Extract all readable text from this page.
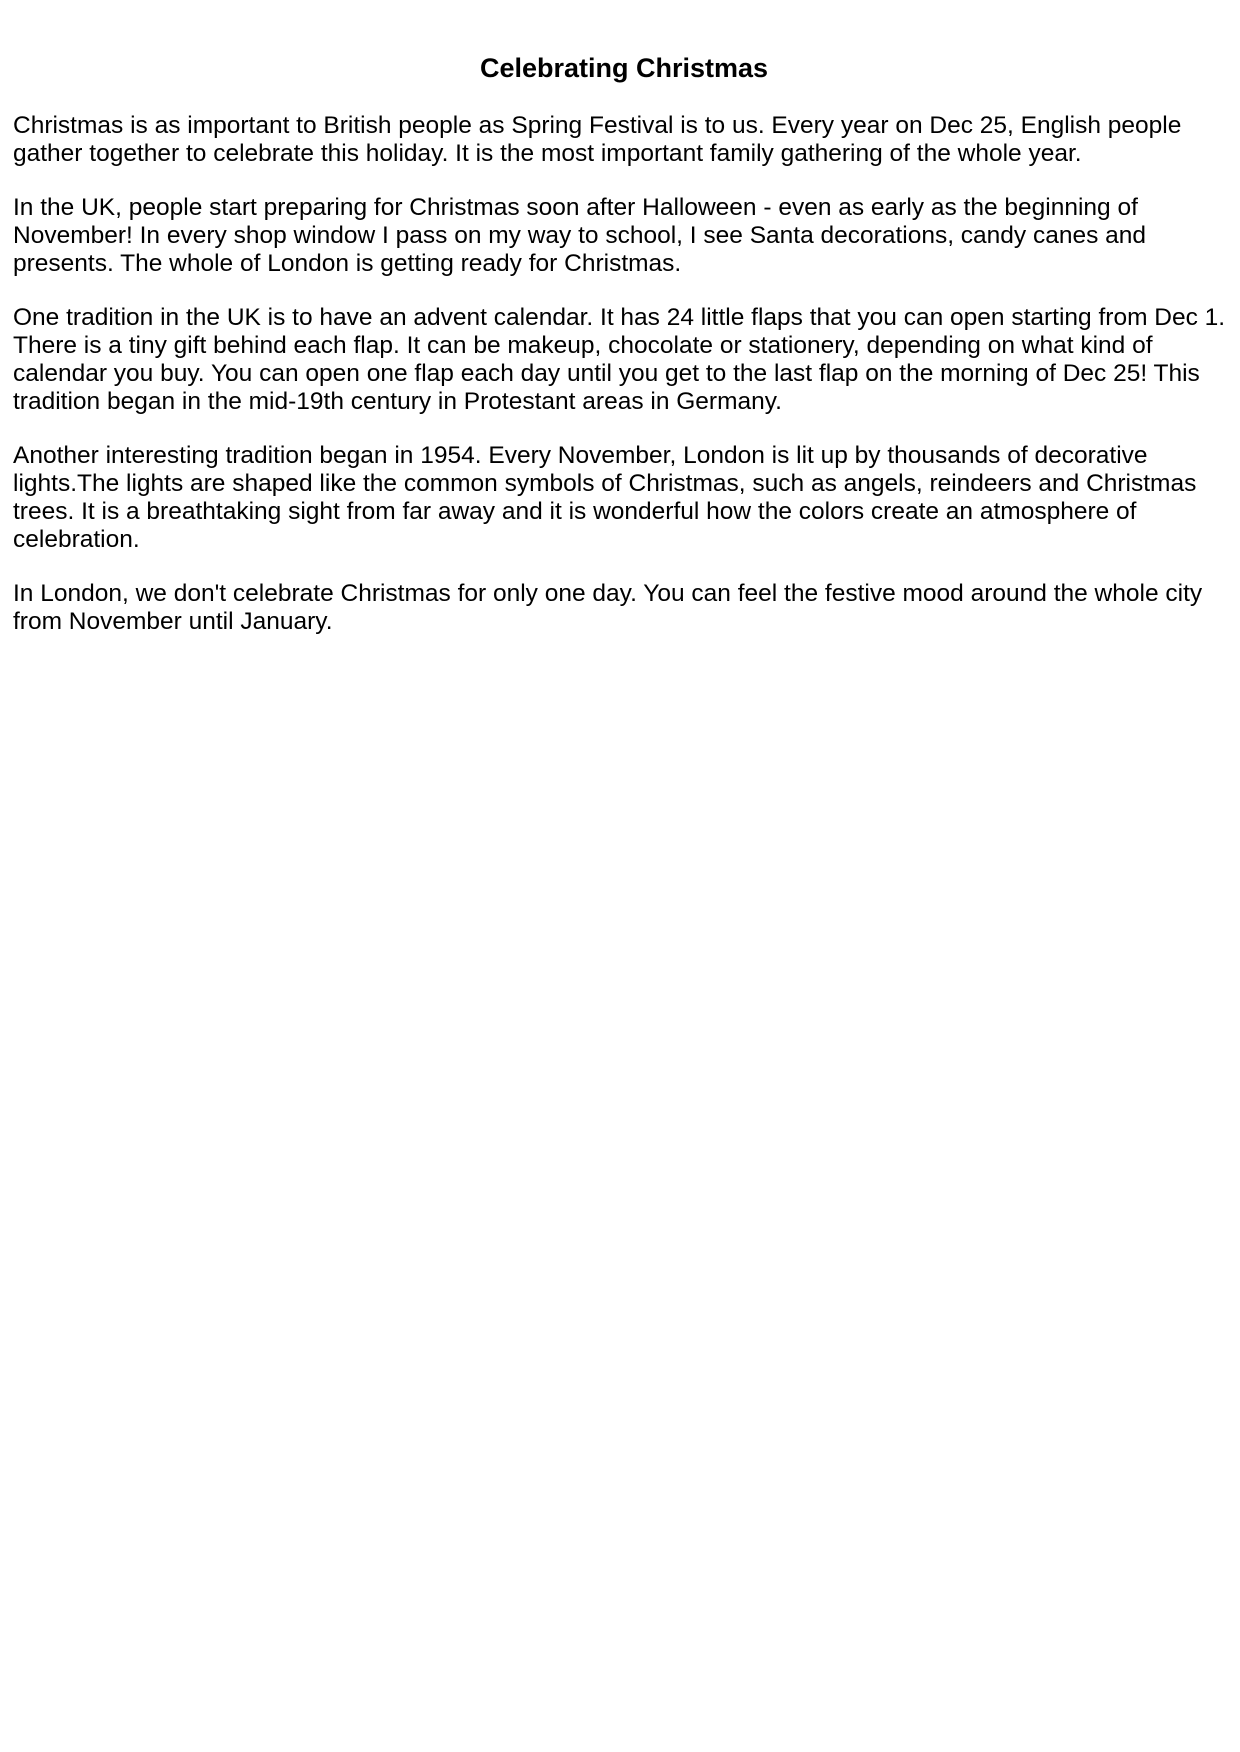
Celebrating Christmas

Christmas is as important to British people as Spring Festival is to us. Every year on Dec 25, English people gather together to celebrate this holiday. It is the most important family gathering of the whole year.

In the UK, people start preparing for Christmas soon after Halloween - even as early as the beginning of November! In every shop window I pass on my way to school, I see Santa decorations, candy canes and presents. The whole of London is getting ready for Christmas.

One tradition in the UK is to have an advent calendar. It has 24 little flaps that you can open starting from Dec 1. There is a tiny gift behind each flap. It can be makeup, chocolate or stationery, depending on what kind of calendar you buy. You can open one flap each day until you get to the last flap on the morning of Dec 25! This tradition began in the mid-19th century in Protestant areas in Germany.

Another interesting tradition began in 1954. Every November, London is lit up by thousands of decorative lights.The lights are shaped like the common symbols of Christmas, such as angels, reindeers and Christmas trees. It is a breathtaking sight from far away and it is wonderful how the colors create an atmosphere of celebration.

In London, we don't celebrate Christmas for only one day. You can feel the festive mood around the whole city from November until January.
